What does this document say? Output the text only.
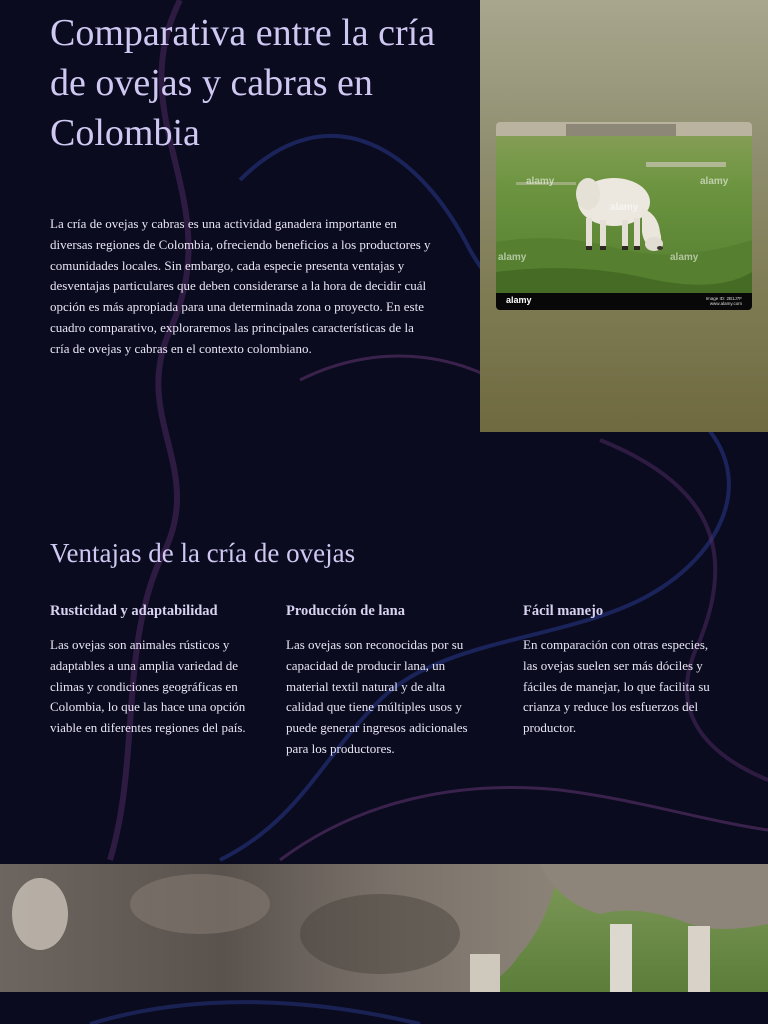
Comparativa entre la cría de ovejas y cabras en Colombia

La cría de ovejas y cabras es una actividad ganadera importante en diversas regiones de Colombia, ofreciendo beneficios a los productores y comunidades locales. Sin embargo, cada especie presenta ventajas y desventajas particulares que deben considerarse a la hora de decidir cuál opción es más apropiada para una determinada zona o proyecto. En este cuadro comparativo, exploraremos las principales características de la cría de ovejas y cabras en el contexto colombiano.

alamy	alamy
alamy
alamy	alamy
alamy	Image ID: 2B1J7F
www.alamy.com
Ventajas de la cría de ovejas
Rusticidad y adaptabilidad

Las ovejas son animales rústicos y adaptables a una amplia variedad de climas y condiciones geográficas en Colombia, lo que las hace una opción viable en diferentes regiones del país.

Producción de lana

Las ovejas son reconocidas por su capacidad de producir lana, un material textil natural y de alta calidad que tiene múltiples usos y puede generar ingresos adicionales para los productores.

Fácil manejo

En comparación con otras especies, las ovejas suelen ser más dóciles y fáciles de manejar, lo que facilita su crianza y reduce los esfuerzos del productor.
